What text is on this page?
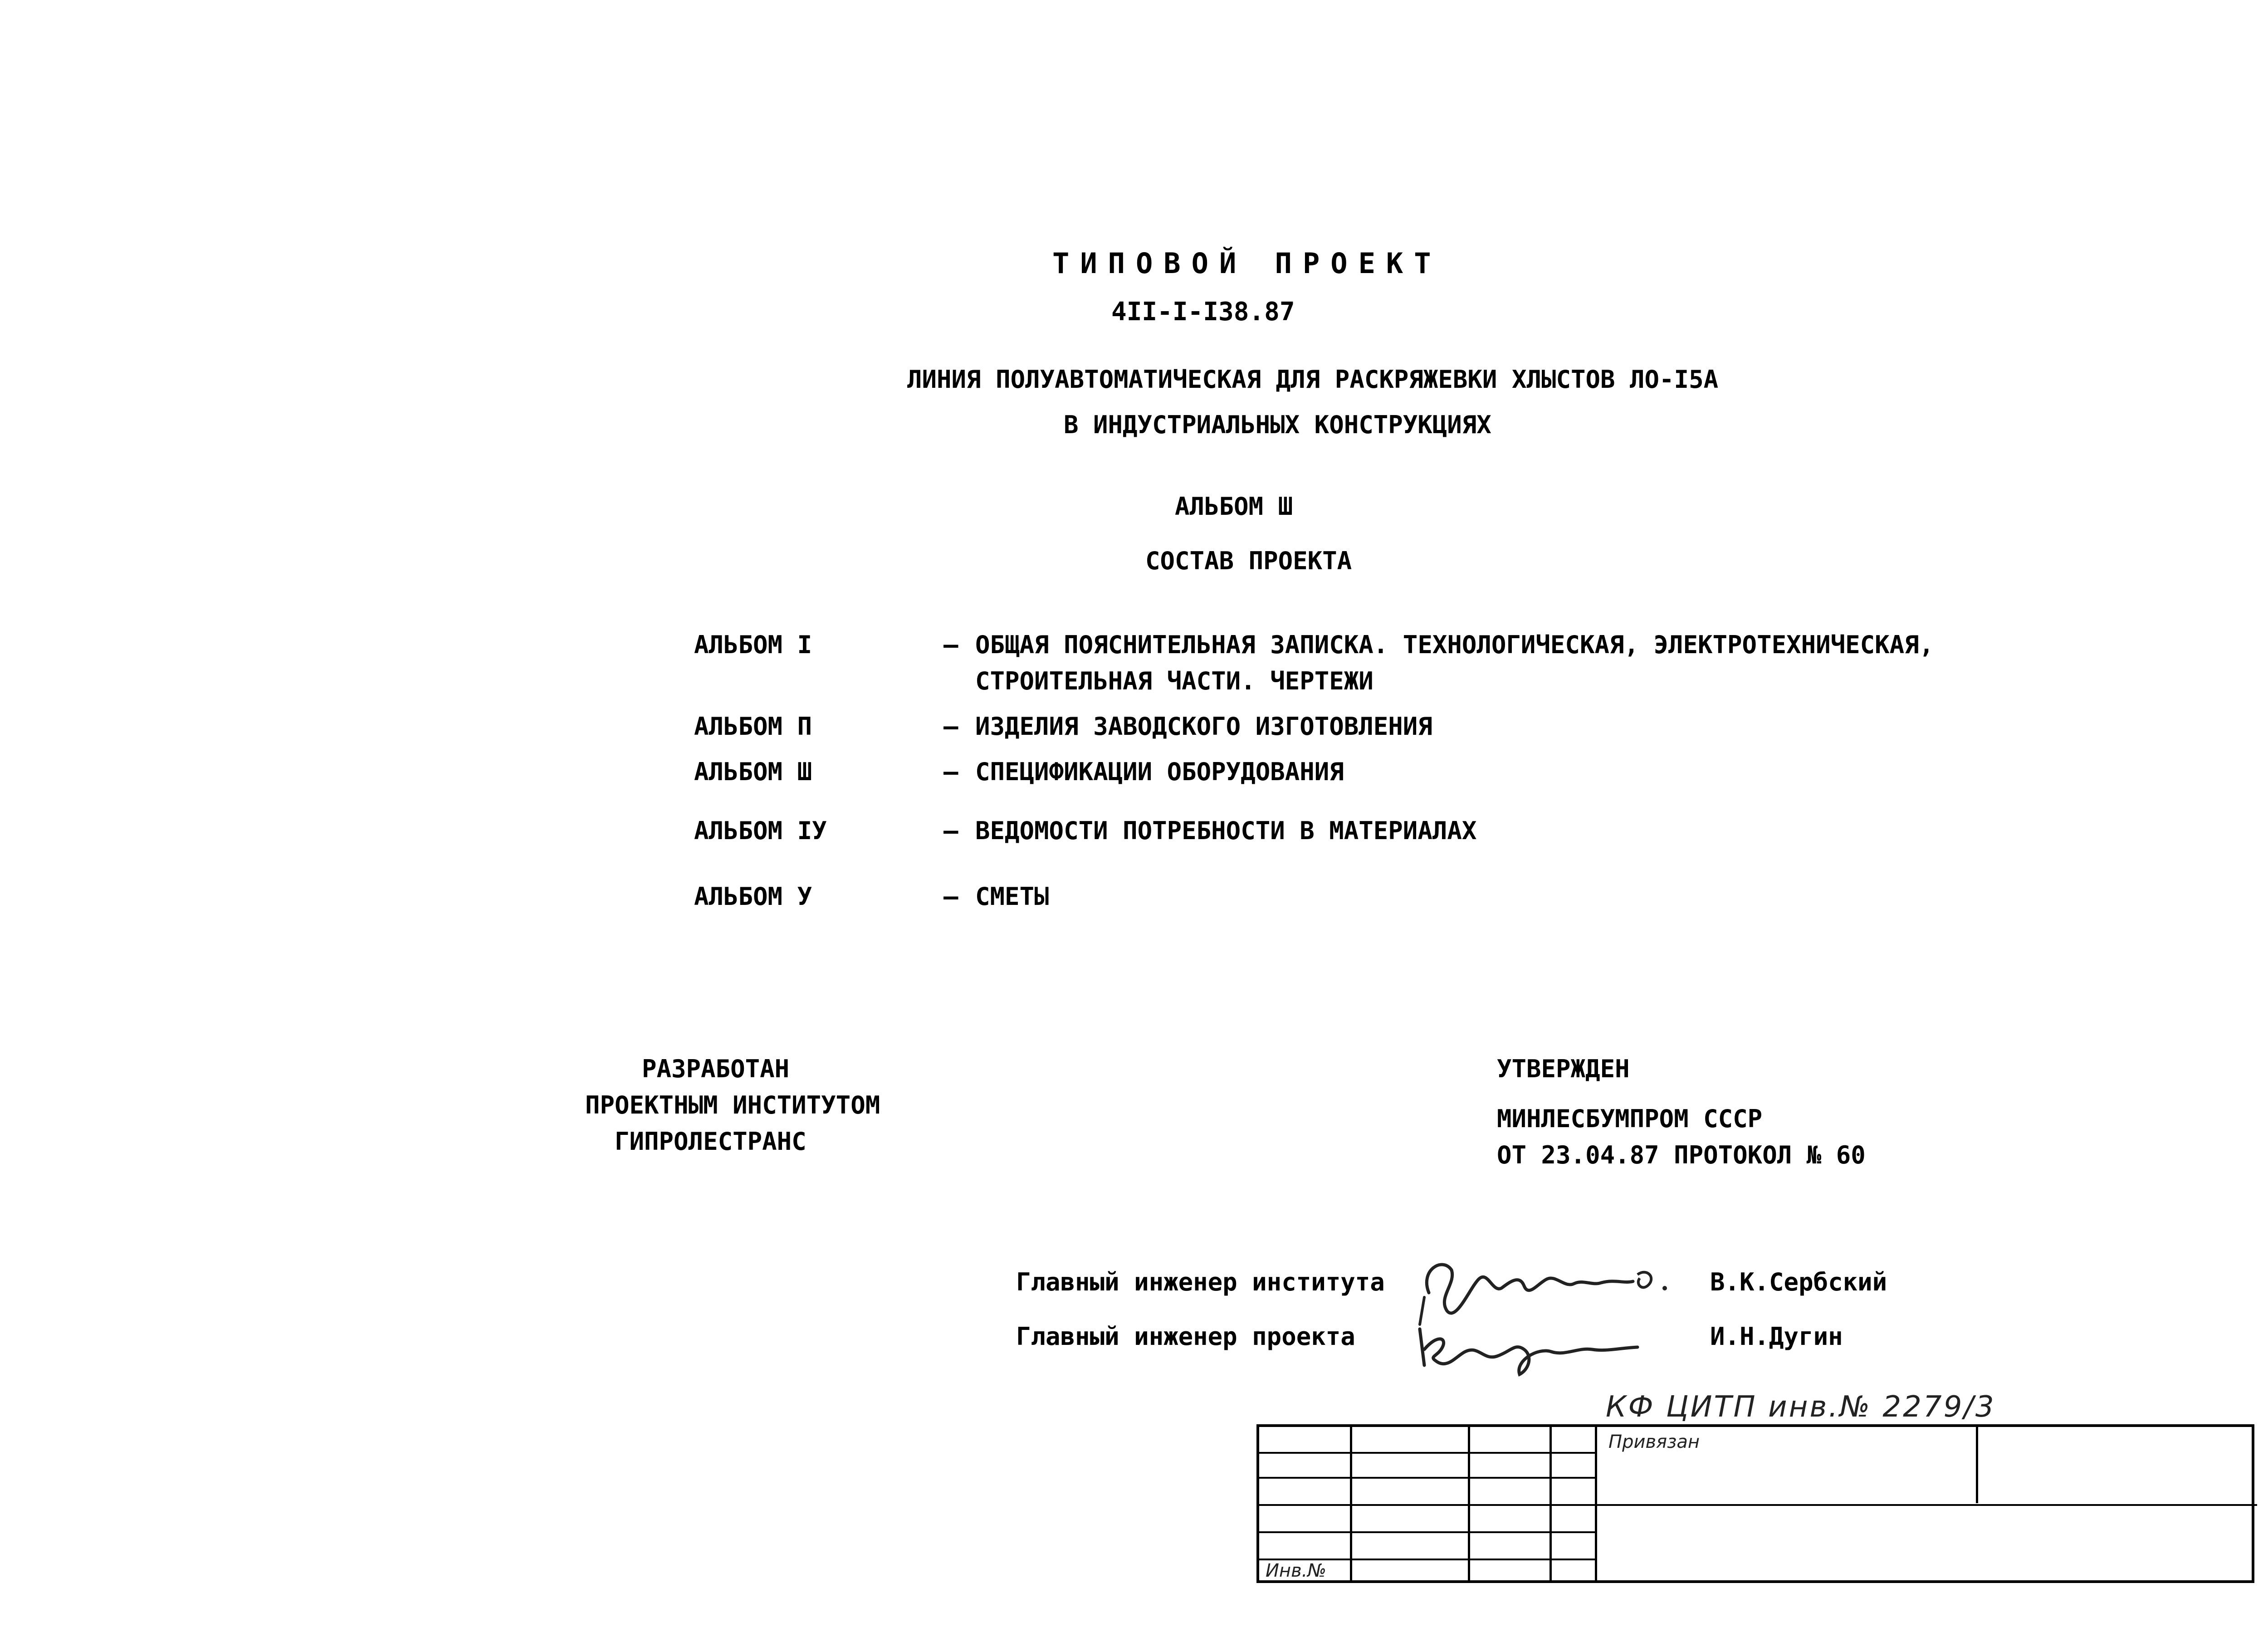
ТИПОВОЙ ПРОЕКТ
4II-I-I38.87
ЛИНИЯ ПОЛУАВТОМАТИЧЕСКАЯ ДЛЯ РАСКРЯЖЕВКИ ХЛЫСТОВ ЛО-I5А
В ИНДУСТРИАЛЬНЫХ КОНСТРУКЦИЯХ
АЛЬБОМ Ш
СОСТАВ ПРОЕКТА
АЛЬБОМ I	– ОБЩАЯ ПОЯСНИТЕЛЬНАЯ ЗАПИСКА. ТЕХНОЛОГИЧЕСКАЯ, ЭЛЕКТРОТЕХНИЧЕСКАЯ,
СТРОИТЕЛЬНАЯ ЧАСТИ. ЧЕРТЕЖИ
АЛЬБОМ П	– ИЗДЕЛИЯ ЗАВОДСКОГО ИЗГОТОВЛЕНИЯ
АЛЬБОМ Ш	– СПЕЦИФИКАЦИИ ОБОРУДОВАНИЯ
АЛЬБОМ IУ	– ВЕДОМОСТИ ПОТРЕБНОСТИ В МАТЕРИАЛАХ
АЛЬБОМ У	– СМЕТЫ
РАЗРАБОТАН
ПРОЕКТНЫМ ИНСТИТУТОМ
ГИПРОЛЕСТРАНС
УТВЕРЖДЕН
МИНЛЕСБУМПРОМ СССР
ОТ 23.04.87 ПРОТОКОЛ № 60
Главный инженер института	В.К.Сербский
Главный инженер проекта	И.Н.Дугин
КФ ЦИТП инв.№ 2279/3
Привязан
Инв.№
